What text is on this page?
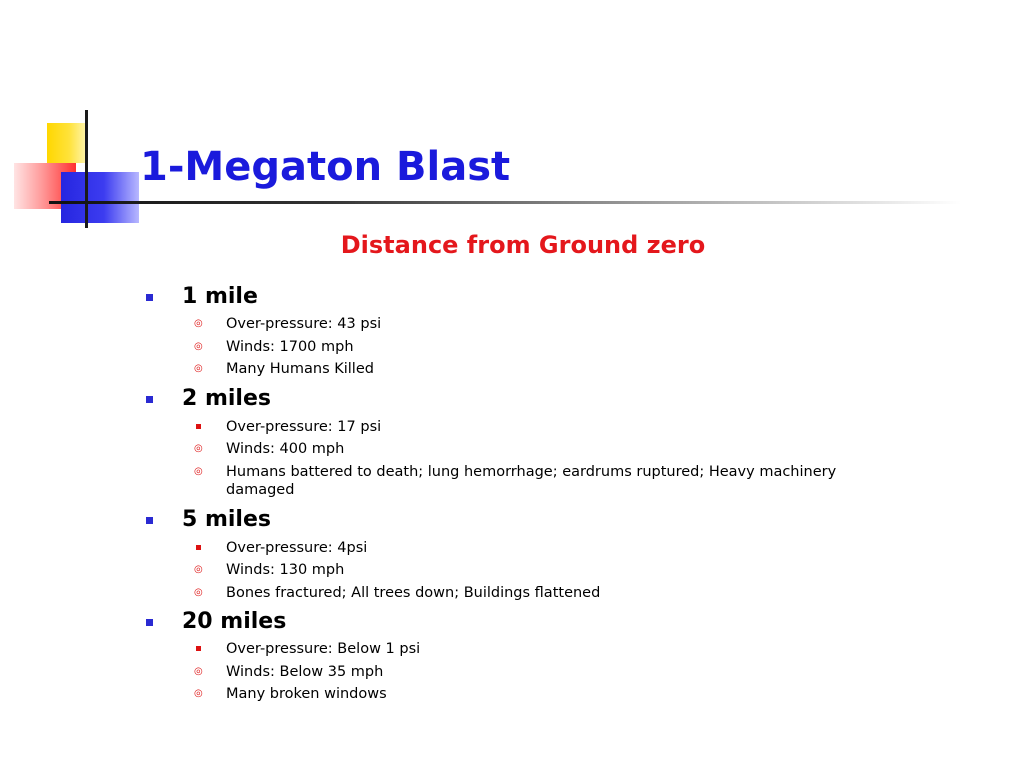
1-Megaton Blast
Distance from Ground zero
1 mile
◎ Over-pressure: 43 psi
◎ Winds: 1700 mph
◎ Many Humans Killed
2 miles
Over-pressure: 17 psi
◎ Winds: 400 mph
◎ Humans battered to death; lung hemorrhage; eardrums ruptured; Heavy machinery damaged
5 miles
Over-pressure: 4psi
◎ Winds: 130 mph
◎ Bones fractured; All trees down; Buildings flattened
20 miles
Over-pressure: Below 1 psi
◎ Winds: Below 35 mph
◎ Many broken windows
